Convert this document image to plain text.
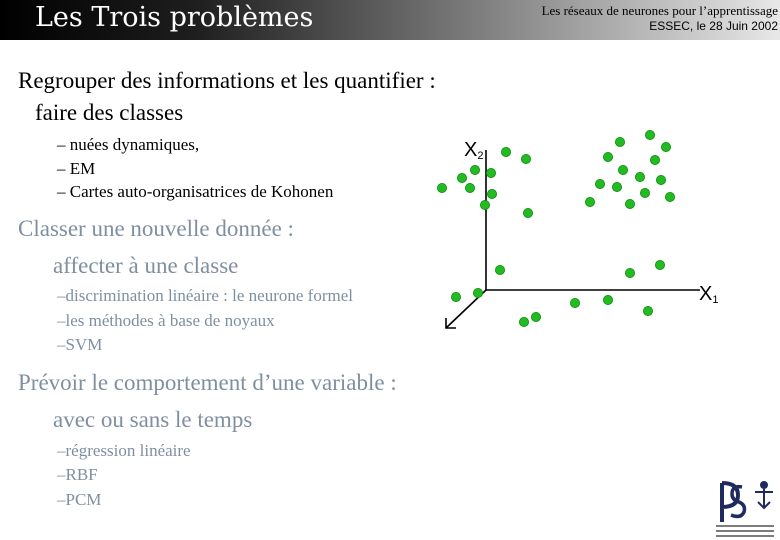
Les Trois problèmes	Les réseaux de neurones pour l’apprentissage
ESSEC, le 28 Juin 2002
Regrouper des informations et les quantifier :
faire des classes
– nuées dynamiques,
– EM
– Cartes auto-organisatrices de Kohonen
Classer une nouvelle donnée :
affecter à une classe
–discrimination linéaire : le neurone formel
–les méthodes à base de noyaux
–SVM
Prévoir le comportement d’une variable :
avec ou sans le temps
–régression linéaire
–RBF
–PCM
X2
X1
